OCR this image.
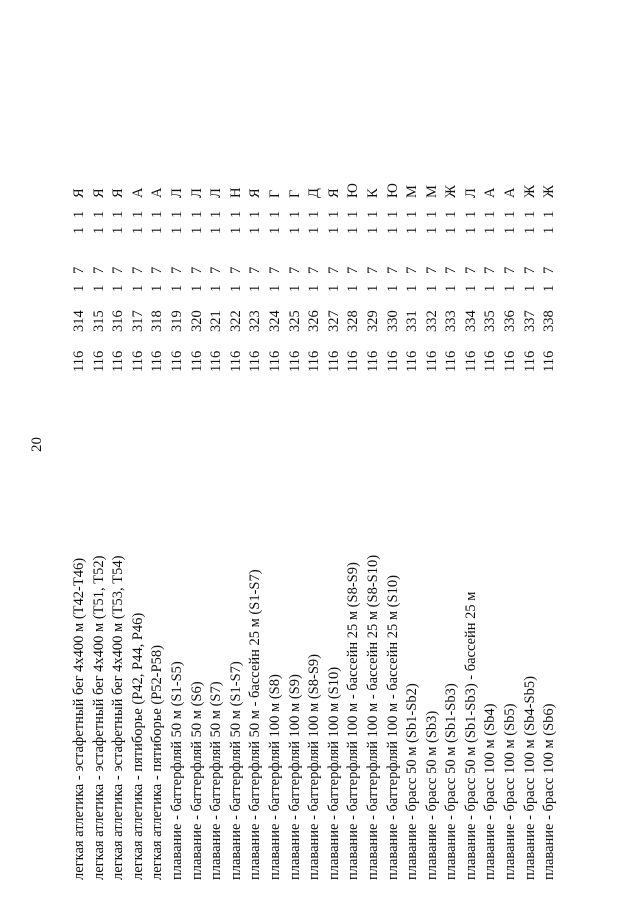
20
легкая атлетика - эстафетный бег 4х400 м (Т42-Т46)
116
314
1
7
1
1
Я
легкая атлетика - эстафетный бег 4х400 м (Т51, Т52)
116
315
1
7
1
1
Я
легкая атлетика - эстафетный бег 4х400 м (Т53, Т54)
116
316
1
7
1
1
Я
легкая атлетика - пятиборье (Р42, Р44, Р46)
116
317
1
7
1
1
А
легкая атлетика - пятиборье (Р52-Р58)
116
318
1
7
1
1
А
плавание - баттерфляй 50 м (S1-S5)
116
319
1
7
1
1
Л
плавание - баттерфляй 50 м (S6)
116
320
1
7
1
1
Л
плавание - баттерфляй 50 м (S7)
116
321
1
7
1
1
Л
плавание - баттерфляй 50 м (S1-S7)
116
322
1
7
1
1
Н
плавание - баттерфляй 50 м - бассейн 25 м (S1-S7)
116
323
1
7
1
1
Я
плавание - баттерфляй 100 м (S8)
116
324
1
7
1
1
Г
плавание - баттерфляй 100 м (S9)
116
325
1
7
1
1
Г
плавание - баттерфляй 100 м (S8-S9)
116
326
1
7
1
1
Д
плавание - баттерфляй 100 м (S10)
116
327
1
7
1
1
Я
плавание - баттерфляй 100 м - бассейн 25 м (S8-S9)
116
328
1
7
1
1
Ю
плавание - баттерфляй 100 м - бассейн 25 м (S8-S10)
116
329
1
7
1
1
К
плавание - баттерфляй 100 м - бассейн 25 м (S10)
116
330
1
7
1
1
Ю
плавание - брасс 50 м (Sb1-Sb2)
116
331
1
7
1
1
М
плавание - брасс 50 м (Sb3)
116
332
1
7
1
1
М
плавание - брасс 50 м (Sb1-Sb3)
116
333
1
7
1
1
Ж
плавание - брасс 50 м (Sb1-Sb3) - бассейн 25 м
116
334
1
7
1
1
Л
плавание - брасс 100 м (Sb4)
116
335
1
7
1
1
А
плавание - брасс 100 м (Sb5)
116
336
1
7
1
1
А
плавание - брасс 100 м (Sb4-Sb5)
116
337
1
7
1
1
Ж
плавание - брасс 100 м (Sb6)
116
338
1
7
1
1
Ж
